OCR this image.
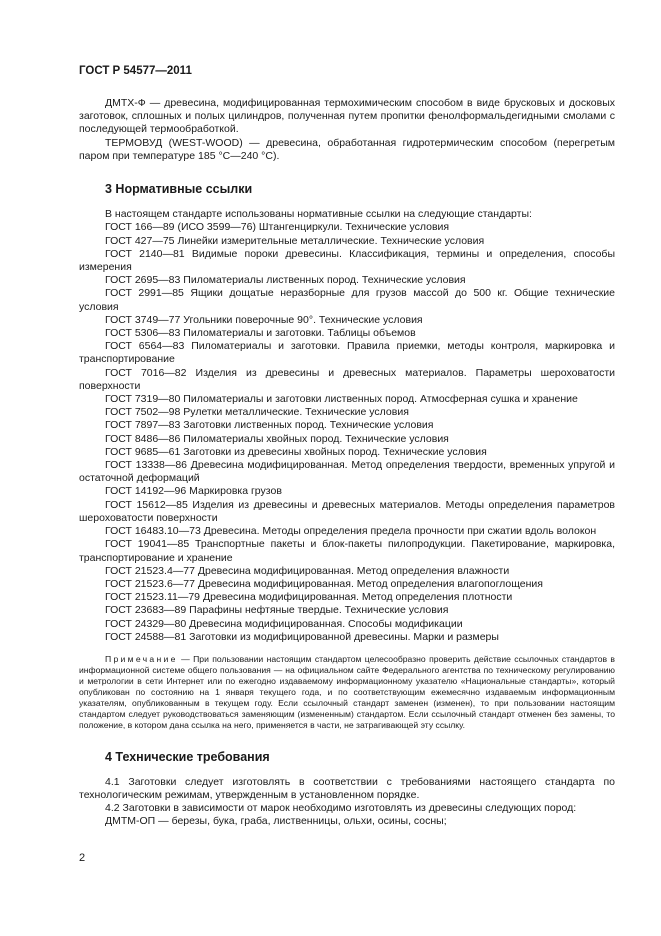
ГОСТ Р 54577—2011

ДМТХ-Ф — древесина, модифицированная термохимическим способом в виде брусковых и досковых заготовок, сплошных и полых цилиндров, полученная путем пропитки фенолформальдегидными смолами с последующей термообработкой.

ТЕРМОВУД (WEST-WOOD) — древесина, обработанная гидротермическим способом (перегретым паром при температуре 185 °С—240 °С).

3 Нормативные ссылки

В настоящем стандарте использованы нормативные ссылки на следующие стандарты:

ГОСТ 166—89 (ИСО 3599—76) Штангенциркули. Технические условия

ГОСТ 427—75 Линейки измерительные металлические. Технические условия

ГОСТ 2140—81 Видимые пороки древесины. Классификация, термины и определения, способы измерения

ГОСТ 2695—83 Пиломатериалы лиственных пород. Технические условия

ГОСТ 2991—85 Ящики дощатые неразборные для грузов массой до 500 кг. Общие технические условия

ГОСТ 3749—77 Угольники поверочные 90°. Технические условия

ГОСТ 5306—83 Пиломатериалы и заготовки. Таблицы объемов

ГОСТ 6564—83 Пиломатериалы и заготовки. Правила приемки, методы контроля, маркировка и транспортирование

ГОСТ 7016—82 Изделия из древесины и древесных материалов. Параметры шероховатости поверхности

ГОСТ 7319—80 Пиломатериалы и заготовки лиственных пород. Атмосферная сушка и хранение

ГОСТ 7502—98 Рулетки металлические. Технические условия

ГОСТ 7897—83 Заготовки лиственных пород. Технические условия

ГОСТ 8486—86 Пиломатериалы хвойных пород. Технические условия

ГОСТ 9685—61 Заготовки из древесины хвойных пород. Технические условия

ГОСТ 13338—86 Древесина модифицированная. Метод определения твердости, временных упругой и остаточной деформаций

ГОСТ 14192—96 Маркировка грузов

ГОСТ 15612—85 Изделия из древесины и древесных материалов. Методы определения параметров шероховатости поверхности

ГОСТ 16483.10—73 Древесина. Методы определения предела прочности при сжатии вдоль волокон

ГОСТ 19041—85 Транспортные пакеты и блок-пакеты пилопродукции. Пакетирование, маркировка, транспортирование и хранение

ГОСТ 21523.4—77 Древесина модифицированная. Метод определения влажности

ГОСТ 21523.6—77 Древесина модифицированная. Метод определения влагопоглощения

ГОСТ 21523.11—79 Древесина модифицированная. Метод определения плотности

ГОСТ 23683—89 Парафины нефтяные твердые. Технические условия

ГОСТ 24329—80 Древесина модифицированная. Способы модификации

ГОСТ 24588—81 Заготовки из модифицированной древесины. Марки и размеры

Примечание — При пользовании настоящим стандартом целесообразно проверить действие ссылочных стандартов в информационной системе общего пользования — на официальном сайте Федерального агентства по техническому регулированию и метрологии в сети Интернет или по ежегодно издаваемому информационному указателю «Национальные стандарты», который опубликован по состоянию на 1 января текущего года, и по соответствующим ежемесячно издаваемым информационным указателям, опубликованным в текущем году. Если ссылочный стандарт заменен (изменен), то при пользовании настоящим стандартом следует руководствоваться заменяющим (измененным) стандартом. Если ссылочный стандарт отменен без замены, то положение, в котором дана ссылка на него, применяется в части, не затрагивающей эту ссылку.

4 Технические требования

4.1 Заготовки следует изготовлять в соответствии с требованиями настоящего стандарта по технологическим режимам, утвержденным в установленном порядке.

4.2 Заготовки в зависимости от марок необходимо изготовлять из древесины следующих пород:

ДМТМ-ОП — березы, бука, граба, лиственницы, ольхи, осины, сосны;

2
